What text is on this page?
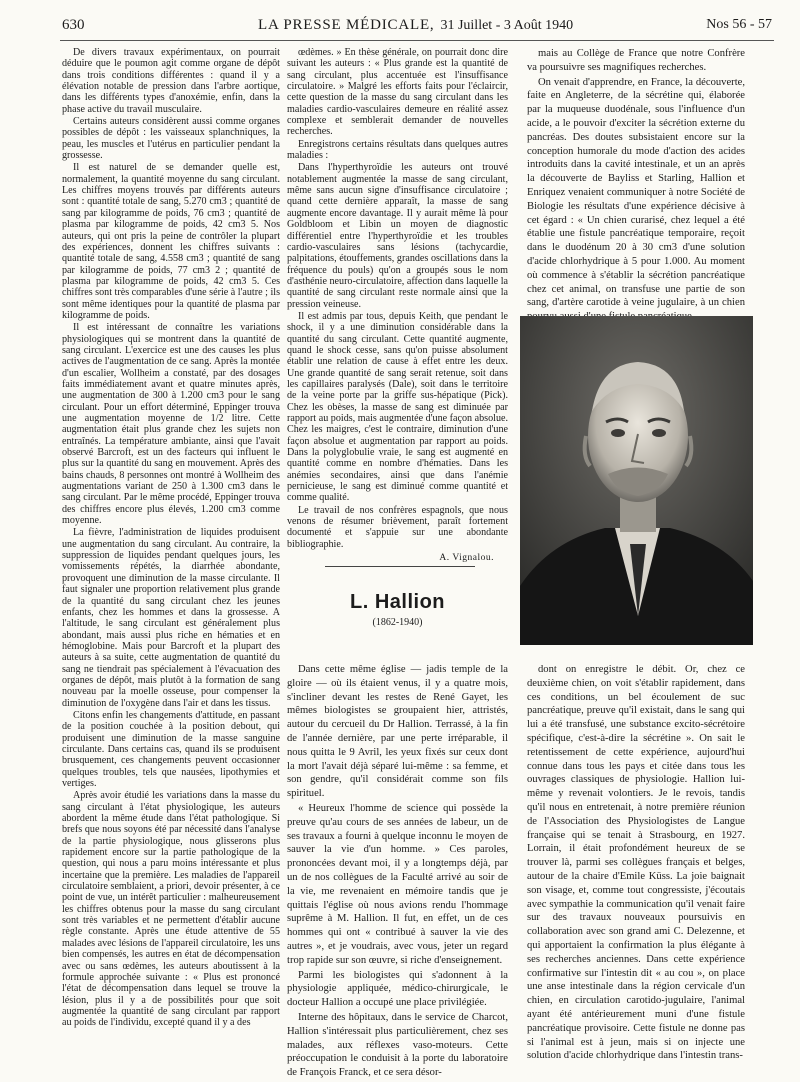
630	LA PRESSE MÉDICALE, 31 Juillet - 3 Août 1940	Nos 56 - 57

De divers travaux expérimentaux, on pourrait déduire que le poumon agit comme organe de dépôt dans trois conditions différentes : quand il y a élévation notable de pression dans l'arbre aortique, dans les différents types d'anoxémie, enfin, dans la phase active du travail musculaire.

Certains auteurs considèrent aussi comme organes possibles de dépôt : les vaisseaux splanchniques, la peau, les muscles et l'utérus en particulier pendant la grossesse.

Il est naturel de se demander quelle est, normalement, la quantité moyenne du sang circulant. Les chiffres moyens trouvés par différents auteurs sont : quantité totale de sang, 5.270 cm3 ; quantité de sang par kilogramme de poids, 76 cm3 ; quantité de plasma par kilogramme de poids, 42 cm3 5. Nos auteurs, qui ont pris la peine de contrôler la plupart des expériences, donnent les chiffres suivants : quantité totale de sang, 4.558 cm3 ; quantité de sang par kilogramme de poids, 77 cm3 2 ; quantité de plasma par kilogramme de poids, 42 cm3 5. Ces chiffres sont très comparables d'une série à l'autre ; ils sont même identiques pour la quantité de plasma par kilogramme de poids.

Il est intéressant de connaître les variations physiologiques qui se montrent dans la quantité de sang circulant. L'exercice est une des causes les plus actives de l'augmentation de ce sang. Après la montée d'un escalier, Wollheim a constaté, par des dosages faits immédiatement avant et quatre minutes après, une augmentation de 300 à 1.200 cm3 pour le sang circulant. Pour un effort déterminé, Eppinger trouva une augmentation moyenne de 1/2 litre. Cette augmentation était plus grande chez les sujets non entraînés. La température ambiante, ainsi que l'avait observé Barcroft, est un des facteurs qui influent le plus sur la quantité du sang en mouvement. Après des bains chauds, 8 personnes ont montré à Wollheim des augmentations variant de 250 à 1.300 cm3 dans le sang circulant. Par le même procédé, Eppinger trouva des chiffres encore plus élevés, 1.200 cm3 comme moyenne.

La fièvre, l'administration de liquides produisent une augmentation du sang circulant. Au contraire, la suppression de liquides pendant quelques jours, les vomissements répétés, la diarrhée abondante, provoquent une diminution de la masse circulante. Il faut signaler une proportion relativement plus grande de la quantité du sang circulant chez les jeunes enfants, chez les hommes et dans la grossesse. A l'altitude, le sang circulant est généralement plus abondant, mais aussi plus riche en hématies et en hémoglobine. Mais pour Barcroft et la plupart des auteurs à sa suite, cette augmentation de quantité du sang ne tiendrait pas spécialement à l'évacuation des organes de dépôt, mais plutôt à la formation de sang nouveau par la moelle osseuse, pour compenser la diminution de l'oxygène dans l'air et dans les tissus.

Citons enfin les changements d'attitude, en passant de la position couchée à la position debout, qui produisent une diminution de la masse sanguine circulante. Dans certains cas, quand ils se produisent brusquement, ces changements peuvent occasionner quelques troubles, tels que nausées, lipothymies et vertiges.

Après avoir étudié les variations dans la masse du sang circulant à l'état physiologique, les auteurs abordent la même étude dans l'état pathologique. Si brefs que nous soyons été par nécessité dans l'analyse de la partie physiologique, nous glisserons plus rapidement encore sur la partie pathologique de la question, qui nous a paru moins intéressante et plus incertaine que la première. Les maladies de l'appareil circulatoire semblaient, a priori, devoir présenter, à ce point de vue, un intérêt particulier : malheureusement les chiffres obtenus pour la masse du sang circulant sont très variables et ne permettent d'établir aucune règle constante. Après une étude attentive de 55 malades avec lésions de l'appareil circulatoire, les uns bien compensés, les autres en état de décompensation avec ou sans œdèmes, les auteurs aboutissent à la formule approchée suivante : « Plus est prononcé l'état de décompensation dans lequel se trouve la lésion, plus il y a de possibilités pour que soit augmentée la quantité de sang circulant par rapport au poids de l'individu, excepté quand il y a des

œdèmes. » En thèse générale, on pourrait donc dire suivant les auteurs : « Plus grande est la quantité de sang circulant, plus accentuée est l'insuffisance circulatoire. » Malgré les efforts faits pour l'éclaircir, cette question de la masse du sang circulant dans les maladies cardio-vasculaires demeure en réalité assez complexe et semblerait demander de nouvelles recherches.

Enregistrons certains résultats dans quelques autres maladies :

Dans l'hyperthyroïdie les auteurs ont trouvé notablement augmentée la masse de sang circulant, même sans aucun signe d'insuffisance circulatoire ; quand cette dernière apparaît, la masse de sang augmente encore davantage. Il y aurait même là pour Goldbloom et Libin un moyen de diagnostic différentiel entre l'hyperthyroïdie et les troubles cardio-vasculaires sans lésions (tachycardie, palpitations, étouffements, grandes oscillations dans la fréquence du pouls) qu'on a groupés sous le nom d'asthénie neuro-circulatoire, affection dans laquelle la quantité de sang circulant reste normale ainsi que la pression veineuse.

Il est admis par tous, depuis Keith, que pendant le shock, il y a une diminution considérable dans la quantité du sang circulant. Cette quantité augmente, quand le shock cesse, sans qu'on puisse absolument établir une relation de cause à effet entre les deux. Une grande quantité de sang serait retenue, soit dans les capillaires paralysés (Dale), soit dans le territoire de la veine porte par la griffe sus-hépatique (Pick). Chez les obèses, la masse de sang est diminuée par rapport au poids, mais augmentée d'une façon absolue. Chez les maigres, c'est le contraire, diminution d'une façon absolue et augmentation par rapport au poids. Dans la polyglobulie vraie, le sang est augmenté en quantité comme en nombre d'hématies. Dans les anémies secondaires, ainsi que dans l'anémie pernicieuse, le sang est diminué comme quantité et comme qualité.

Le travail de nos confrères espagnols, que nous venons de résumer brièvement, paraît fortement documenté et s'appuie sur une abondante bibliographie.

A. Vignalou.
L. Hallion
(1862-1940)

Dans cette même église — jadis temple de la gloire — où ils étaient venus, il y a quatre mois, s'incliner devant les restes de René Gayet, les mêmes biologistes se groupaient hier, attristés, autour du cercueil du Dr Hallion. Terrassé, à la fin de l'année dernière, par une perte irréparable, il nous quitta le 9 Avril, les yeux fixés sur ceux dont la mort l'avait déjà séparé lui-même : sa femme, et son gendre, qu'il considérait comme son fils spirituel.

« Heureux l'homme de science qui possède la preuve qu'au cours de ses années de labeur, un de ses travaux a fourni à quelque inconnu le moyen de sauver la vie d'un homme. » Ces paroles, prononcées devant moi, il y a longtemps déjà, par un de nos collègues de la Faculté arrivé au soir de la vie, me revenaient en mémoire tandis que je quittais l'église où nous avions rendu l'hommage suprême à M. Hallion. Il fut, en effet, un de ces hommes qui ont « contribué à sauver la vie des autres », et je voudrais, avec vous, jeter un regard trop rapide sur son œuvre, si riche d'enseignement.

Parmi les biologistes qui s'adonnent à la physiologie appliquée, médico-chirurgicale, le docteur Hallion a occupé une place privilégiée.

Interne des hôpitaux, dans le service de Charcot, Hallion s'intéressait plus particulièrement, chez ses malades, aux réflexes vaso-moteurs. Cette préoccupation le conduisit à la porte du laboratoire de François Franck, et ce sera désor-

mais au Collège de France que notre Confrère va poursuivre ses magnifiques recherches.

On venait d'apprendre, en France, la découverte, faite en Angleterre, de la sécrétine qui, élaborée par la muqueuse duodénale, sous l'influence d'un acide, a le pouvoir d'exciter la sécrétion externe du pancréas. Des doutes subsistaient encore sur la conception humorale du mode d'action des acides introduits dans la cavité intestinale, et un an après la découverte de Bayliss et Starling, Hallion et Enriquez venaient communiquer à notre Société de Biologie les résultats d'une expérience décisive à cet égard : « Un chien curarisé, chez lequel a été établie une fistule pancréatique temporaire, reçoit dans le duodénum 20 à 30 cm3 d'une solution d'acide chlorhydrique à 5 pour 1.000. Au moment où commence à s'établir la sécrétion pancréatique chez cet animal, on transfuse une partie de son sang, d'artère carotide à veine jugulaire, à un chien

dont on enregistre le débit. Or, chez ce deuxième chien, on voit s'établir rapidement, dans ces conditions, un bel écoulement de suc pancréatique, preuve qu'il existait, dans le sang qui lui a été transfusé, une substance excito-sécrétoire spécifique, c'est-à-dire la sécrétine ». On sait le retentissement de cette expérience, aujourd'hui connue dans tous les pays et citée dans tous les ouvrages classiques de physiologie. Hallion lui-même y revenait volontiers. Je le revois, tandis qu'il nous en entretenait, à notre première réunion de l'Association des Physiologistes de Langue française qui se tenait à Strasbourg, en 1927. Lorrain, il était profondément heureux de se trouver là, parmi ses collègues français et belges, autour de la chaire d'Emile Küss. La joie baignait son visage, et, comme tout congressiste, j'écoutais avec sympathie la communication qu'il venait faire sur des travaux nouveaux poursuivis en collaboration avec son grand ami C. Delezenne, et qui apportaient la confirmation la plus élégante à ses recherches anciennes. Dans cette expérience confirmative sur l'intestin dit « au cou », on place une anse intestinale dans la région cervicale d'un chien, en circulation carotido-jugulaire, l'animal ayant été antérieurement muni d'une fistule pancréatique provisoire. Cette fistule ne donne pas si l'animal est à jeun, mais si on injecte une solution d'acide chlorhydrique dans l'intestin trans-
